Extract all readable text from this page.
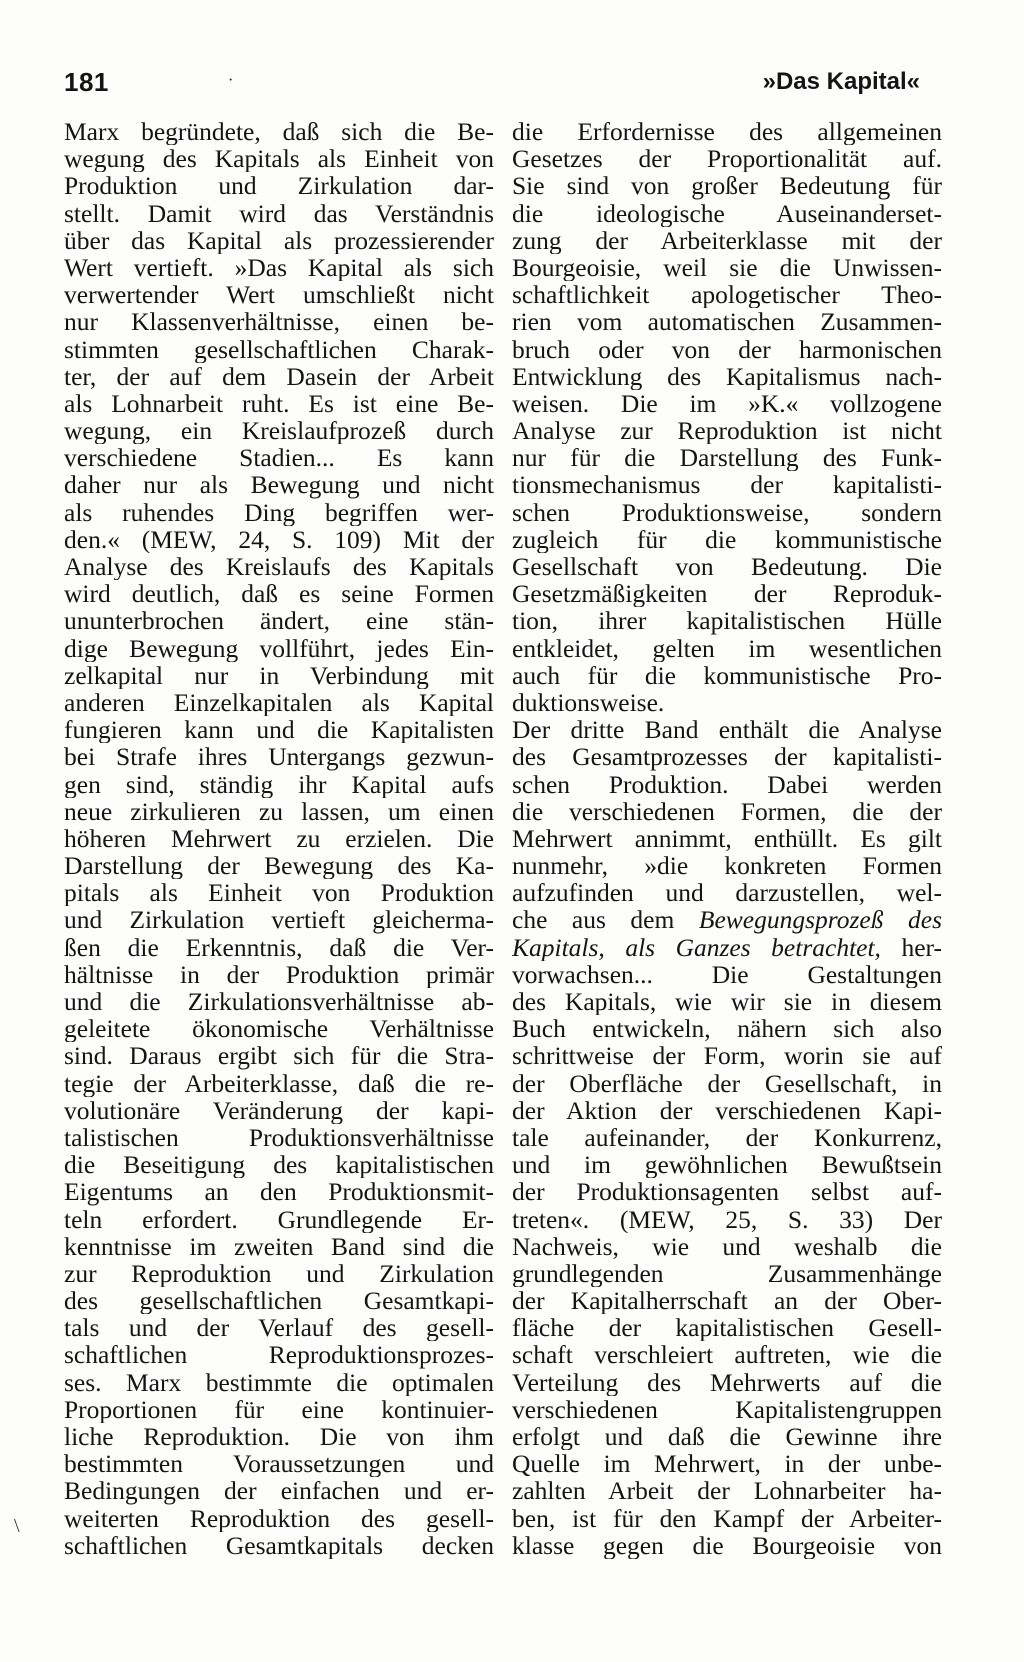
181	·	»Das Kapital«
Marx begründete, daß sich die Be-
wegung des Kapitals als Einheit von
Produktion und Zirkulation dar-
stellt. Damit wird das Verständnis
über das Kapital als prozessierender
Wert vertieft. »Das Kapital als sich
verwertender Wert umschließt nicht
nur Klassenverhältnisse, einen be-
stimmten gesellschaftlichen Charak-
ter, der auf dem Dasein der Arbeit
als Lohnarbeit ruht. Es ist eine Be-
wegung, ein Kreislaufprozeß durch
verschiedene Stadien... Es kann
daher nur als Bewegung und nicht
als ruhendes Ding begriffen wer-
den.« (MEW, 24, S. 109) Mit der
Analyse des Kreislaufs des Kapitals
wird deutlich, daß es seine Formen
ununterbrochen ändert, eine stän-
dige Bewegung vollführt, jedes Ein-
zelkapital nur in Verbindung mit
anderen Einzelkapitalen als Kapital
fungieren kann und die Kapitalisten
bei Strafe ihres Untergangs gezwun-
gen sind, ständig ihr Kapital aufs
neue zirkulieren zu lassen, um einen
höheren Mehrwert zu erzielen. Die
Darstellung der Bewegung des Ka-
pitals als Einheit von Produktion
und Zirkulation vertieft gleicherma-
ßen die Erkenntnis, daß die Ver-
hältnisse in der Produktion primär
und die Zirkulationsverhältnisse ab-
geleitete ökonomische Verhältnisse
sind. Daraus ergibt sich für die Stra-
tegie der Arbeiterklasse, daß die re-
volutionäre Veränderung der kapi-
talistischen Produktionsverhältnisse
die Beseitigung des kapitalistischen
Eigentums an den Produktionsmit-
teln erfordert. Grundlegende Er-
kenntnisse im zweiten Band sind die
zur Reproduktion und Zirkulation
des gesellschaftlichen Gesamtkapi-
tals und der Verlauf des gesell-
schaftlichen Reproduktionsprozes-
ses. Marx bestimmte die optimalen
Proportionen für eine kontinuier-
liche Reproduktion. Die von ihm
bestimmten Voraussetzungen und
Bedingungen der einfachen und er-
weiterten Reproduktion des gesell-
schaftlichen Gesamtkapitals decken
die Erfordernisse des allgemeinen
Gesetzes der Proportionalität auf.
Sie sind von großer Bedeutung für
die ideologische Auseinanderset-
zung der Arbeiterklasse mit der
Bourgeoisie, weil sie die Unwissen-
schaftlichkeit apologetischer Theo-
rien vom automatischen Zusammen-
bruch oder von der harmonischen
Entwicklung des Kapitalismus nach-
weisen. Die im »K.« vollzogene
Analyse zur Reproduktion ist nicht
nur für die Darstellung des Funk-
tionsmechanismus der kapitalisti-
schen Produktionsweise, sondern
zugleich für die kommunistische
Gesellschaft von Bedeutung. Die
Gesetzmäßigkeiten der Reproduk-
tion, ihrer kapitalistischen Hülle
entkleidet, gelten im wesentlichen
auch für die kommunistische Pro-
duktionsweise.
Der dritte Band enthält die Analyse
des Gesamtprozesses der kapitalisti-
schen Produktion. Dabei werden
die verschiedenen Formen, die der
Mehrwert annimmt, enthüllt. Es gilt
nunmehr, »die konkreten Formen
aufzufinden und darzustellen, wel-
che aus dem Bewegungsprozeß des
Kapitals, als Ganzes betrachtet, her-
vorwachsen... Die Gestaltungen
des Kapitals, wie wir sie in diesem
Buch entwickeln, nähern sich also
schrittweise der Form, worin sie auf
der Oberfläche der Gesellschaft, in
der Aktion der verschiedenen Kapi-
tale aufeinander, der Konkurrenz,
und im gewöhnlichen Bewußtsein
der Produktionsagenten selbst auf-
treten«. (MEW, 25, S. 33) Der
Nachweis, wie und weshalb die
grundlegenden Zusammenhänge
der Kapitalherrschaft an der Ober-
fläche der kapitalistischen Gesell-
schaft verschleiert auftreten, wie die
Verteilung des Mehrwerts auf die
verschiedenen Kapitalistengruppen
erfolgt und daß die Gewinne ihre
Quelle im Mehrwert, in der unbe-
zahlten Arbeit der Lohnarbeiter ha-
ben, ist für den Kampf der Arbeiter-
klasse gegen die Bourgeoisie von
\
